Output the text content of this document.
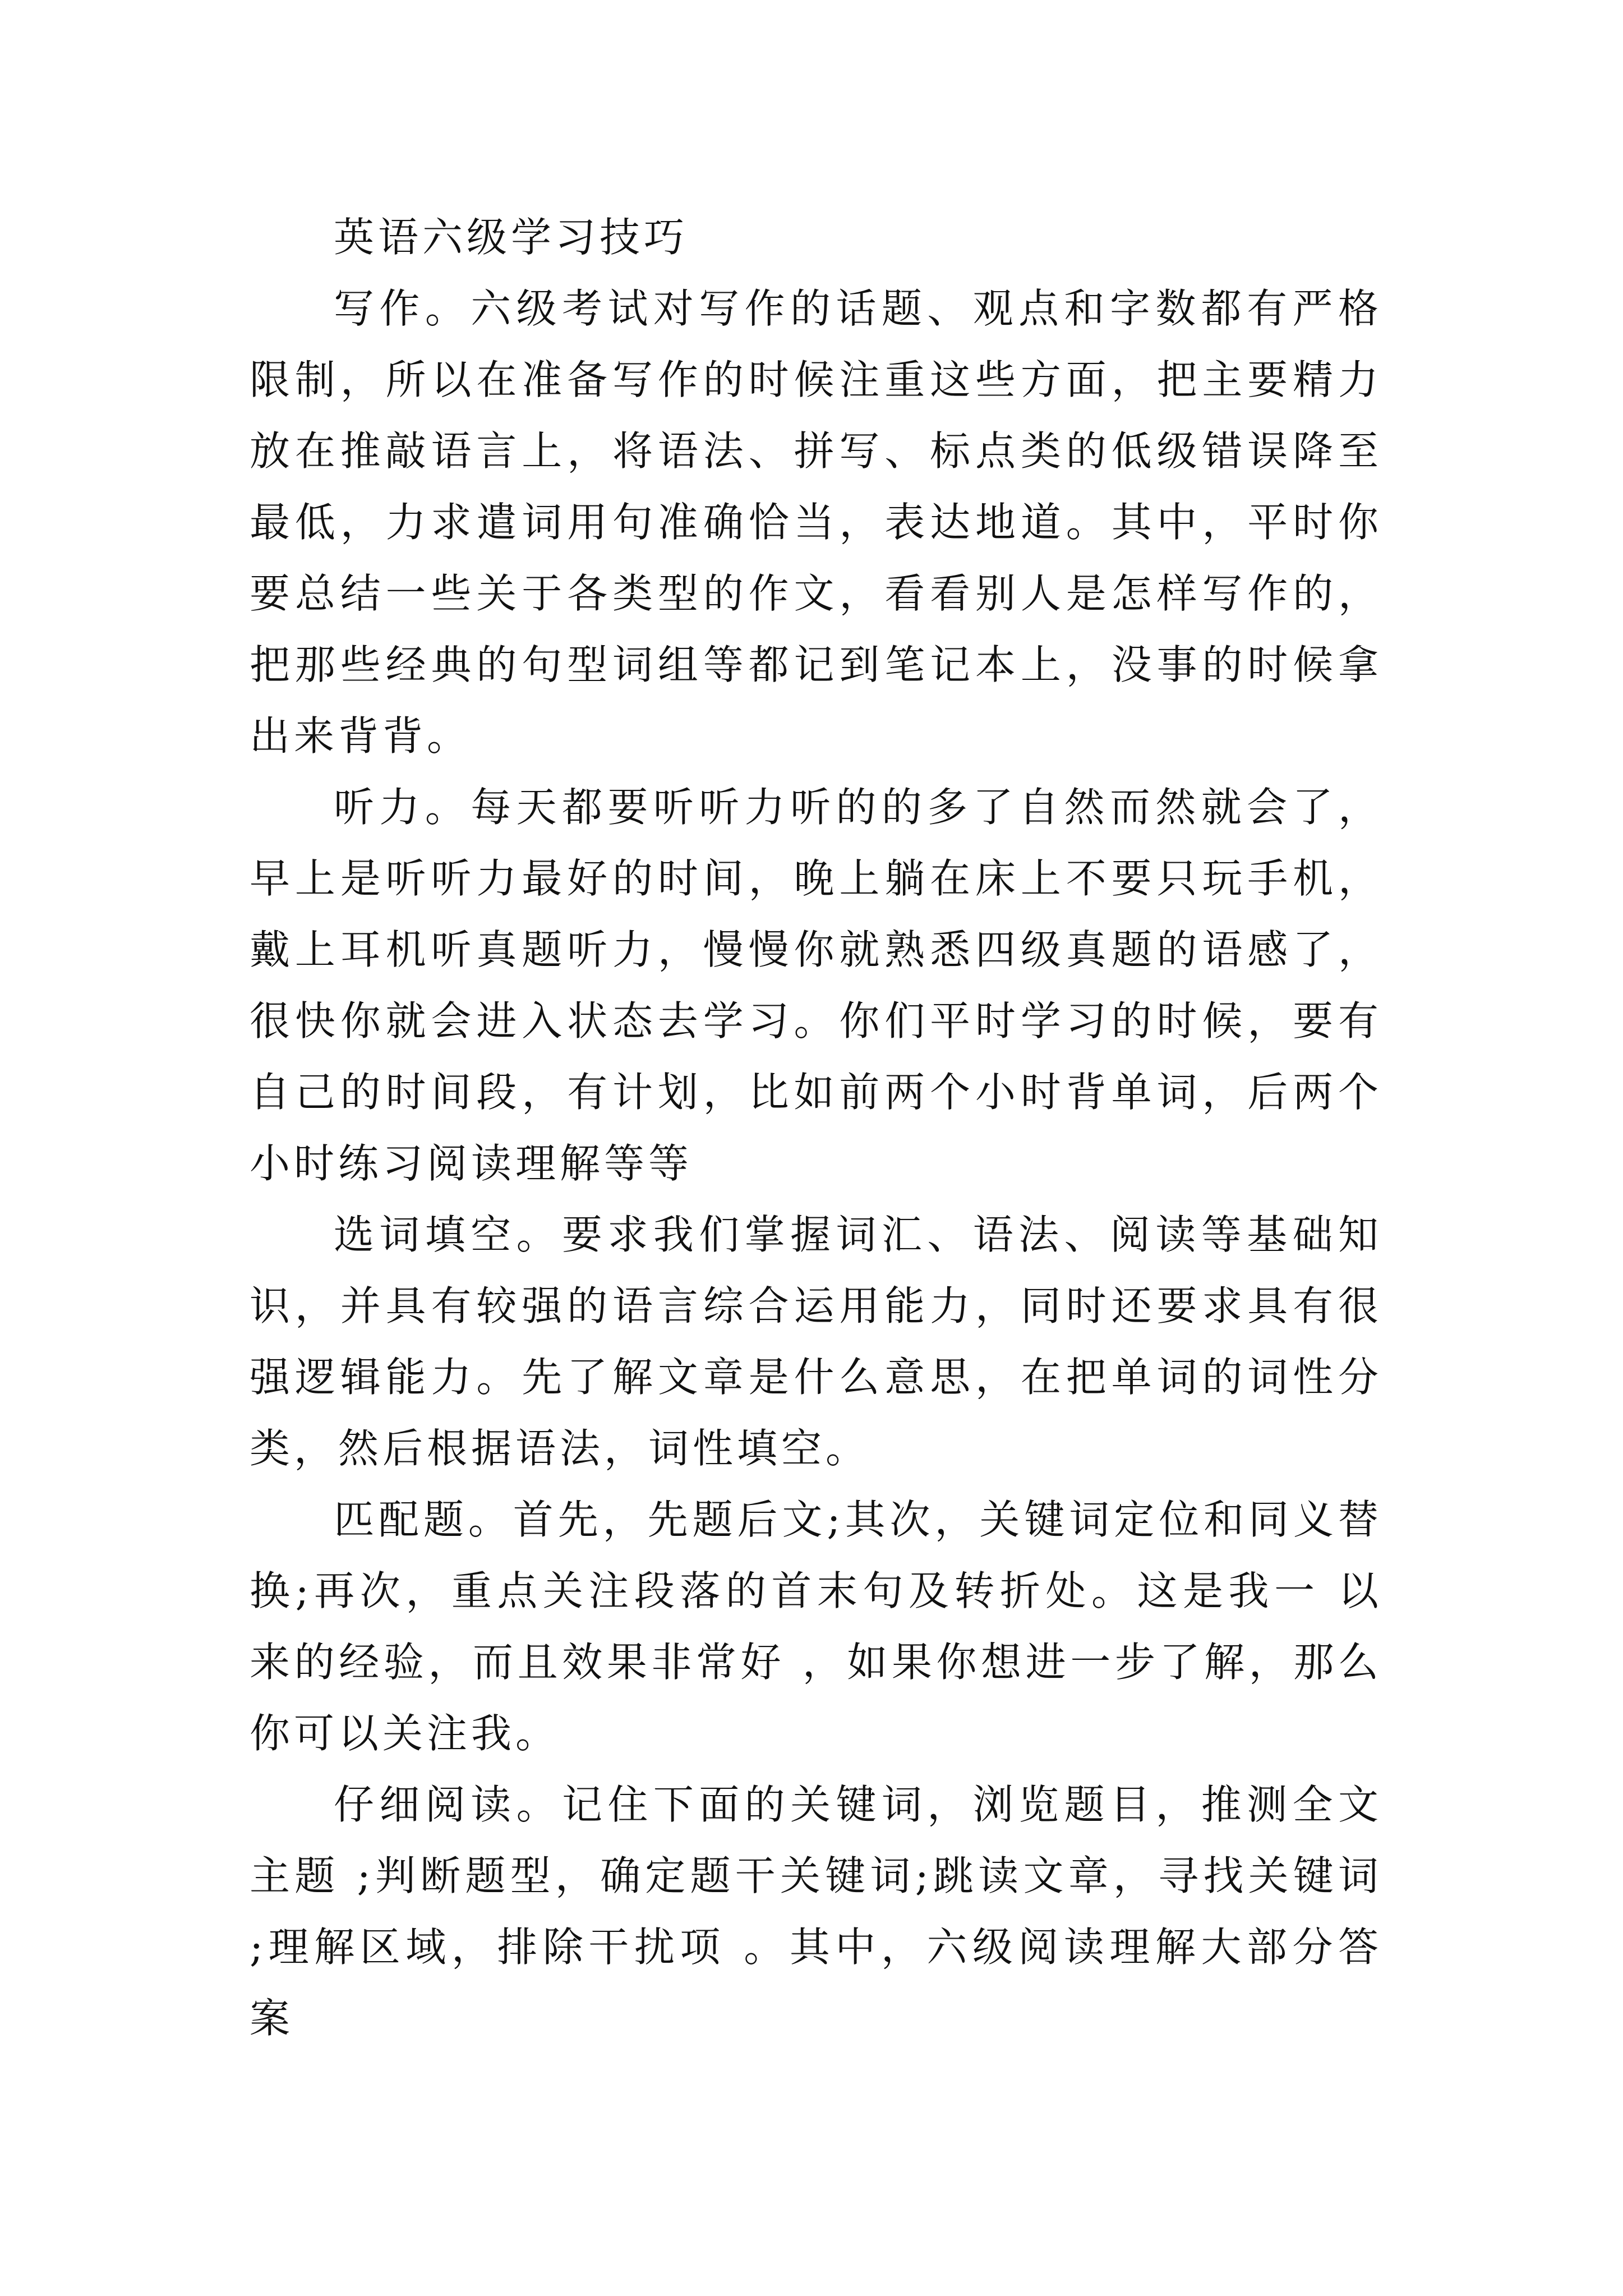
英语六级学习技巧

写作。六级考试对写作的话题、观点和字数都有严格限制，所以在准备写作的时候注重这些方面，把主要精力放在推敲语言上，将语法、拼写、标点类的低级错误降至最低，力求遣词用句准确恰当，表达地道。其中，平时你要总结一些关于各类型的作文，看看别人是怎样写作的，把那些经典的句型词组等都记到笔记本上，没事的时候拿出来背背。

听力。每天都要听听力听的的多了自然而然就会了，早上是听听力最好的时间，晚上躺在床上不要只玩手机，戴上耳机听真题听力，慢慢你就熟悉四级真题的语感了，很快你就会进入状态去学习。你们平时学习的时候，要有自己的时间段，有计划，比如前两个小时背单词，后两个小时练习阅读理解等等

选词填空。要求我们掌握词汇、语法、阅读等基础知识，并具有较强的语言综合运用能力，同时还要求具有很强逻辑能力。先了解文章是什么意思，在把单词的词性分类，然后根据语法，词性填空。

匹配题。首先，先题后文;其次，关键词定位和同义替换;再次，重点关注段落的首末句及转折处。这是我一 以来的经验，而且效果非常好 ，如果你想进一步了解，那么你可以关注我。

仔细阅读。记住下面的关键词，浏览题目，推测全文主题 ;判断题型，确定题干关键词;跳读文章，寻找关键词 ;理解区域，排除干扰项 。其中，六级阅读理解大部分答案
